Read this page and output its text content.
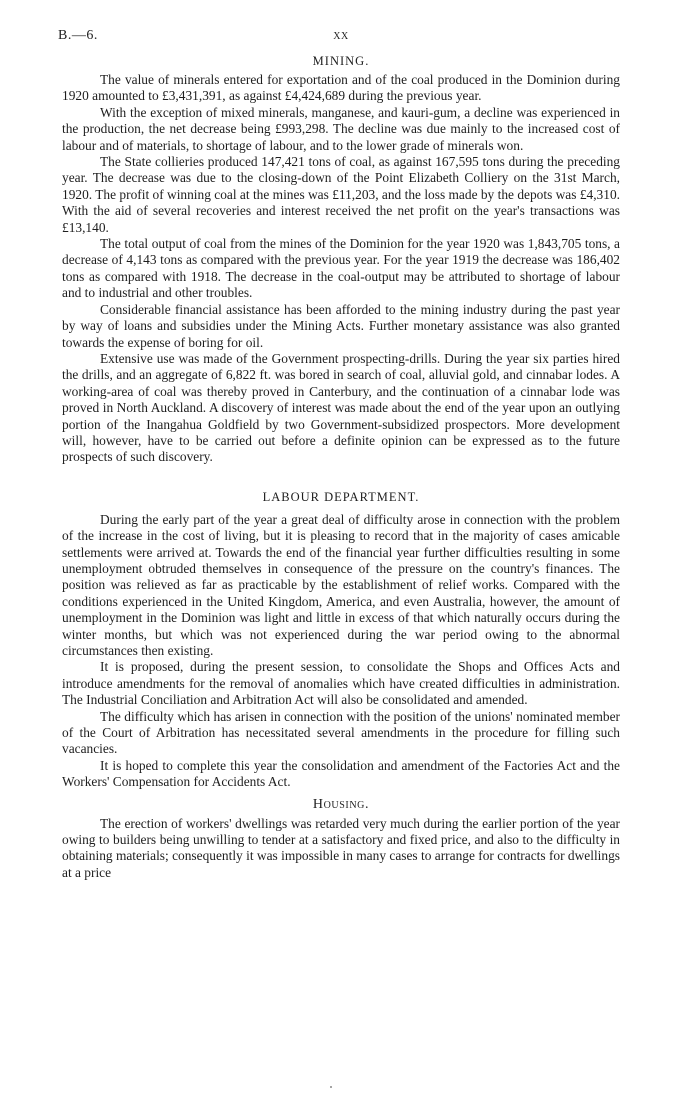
B.—6.	xx
MINING.

The value of minerals entered for exportation and of the coal produced in the Dominion during 1920 amounted to £3,431,391, as against £4,424,689 during the previous year.

With the exception of mixed minerals, manganese, and kauri-gum, a decline was experienced in the production, the net decrease being £993,298. The decline was due mainly to the increased cost of labour and of materials, to shortage of labour, and to the lower grade of minerals won.

The State collieries produced 147,421 tons of coal, as against 167,595 tons during the preceding year. The decrease was due to the closing-down of the Point Elizabeth Colliery on the 31st March, 1920. The profit of winning coal at the mines was £11,203, and the loss made by the depots was £4,310. With the aid of several recoveries and interest received the net profit on the year's transactions was £13,140.

The total output of coal from the mines of the Dominion for the year 1920 was 1,843,705 tons, a decrease of 4,143 tons as compared with the previous year. For the year 1919 the decrease was 186,402 tons as compared with 1918. The decrease in the coal-output may be attributed to shortage of labour and to industrial and other troubles.

Considerable financial assistance has been afforded to the mining industry during the past year by way of loans and subsidies under the Mining Acts. Further monetary assistance was also granted towards the expense of boring for oil.

Extensive use was made of the Government prospecting-drills. During the year six parties hired the drills, and an aggregate of 6,822 ft. was bored in search of coal, alluvial gold, and cinnabar lodes. A working-area of coal was thereby proved in Canterbury, and the continuation of a cinnabar lode was proved in North Auckland. A discovery of interest was made about the end of the year upon an outlying portion of the Inangahua Goldfield by two Government-subsidized prospectors. More development will, however, have to be carried out before a definite opinion can be expressed as to the future prospects of such discovery.

LABOUR DEPARTMENT.

During the early part of the year a great deal of difficulty arose in connection with the problem of the increase in the cost of living, but it is pleasing to record that in the majority of cases amicable settlements were arrived at. Towards the end of the financial year further difficulties resulting in some unemployment obtruded themselves in consequence of the pressure on the country's finances. The position was relieved as far as practicable by the establishment of relief works. Compared with the conditions experienced in the United Kingdom, America, and even Australia, however, the amount of unemployment in the Dominion was light and little in excess of that which naturally occurs during the winter months, but which was not experienced during the war period owing to the abnormal circumstances then existing.

It is proposed, during the present session, to consolidate the Shops and Offices Acts and introduce amendments for the removal of anomalies which have created difficulties in administration. The Industrial Conciliation and Arbitration Act will also be consolidated and amended.

The difficulty which has arisen in connection with the position of the unions' nominated member of the Court of Arbitration has necessitated several amendments in the procedure for filling such vacancies.

It is hoped to complete this year the consolidation and amendment of the Factories Act and the Workers' Compensation for Accidents Act.

Housing.

The erection of workers' dwellings was retarded very much during the earlier portion of the year owing to builders being unwilling to tender at a satisfactory and fixed price, and also to the difficulty in obtaining materials; consequently it was impossible in many cases to arrange for contracts for dwellings at a price
